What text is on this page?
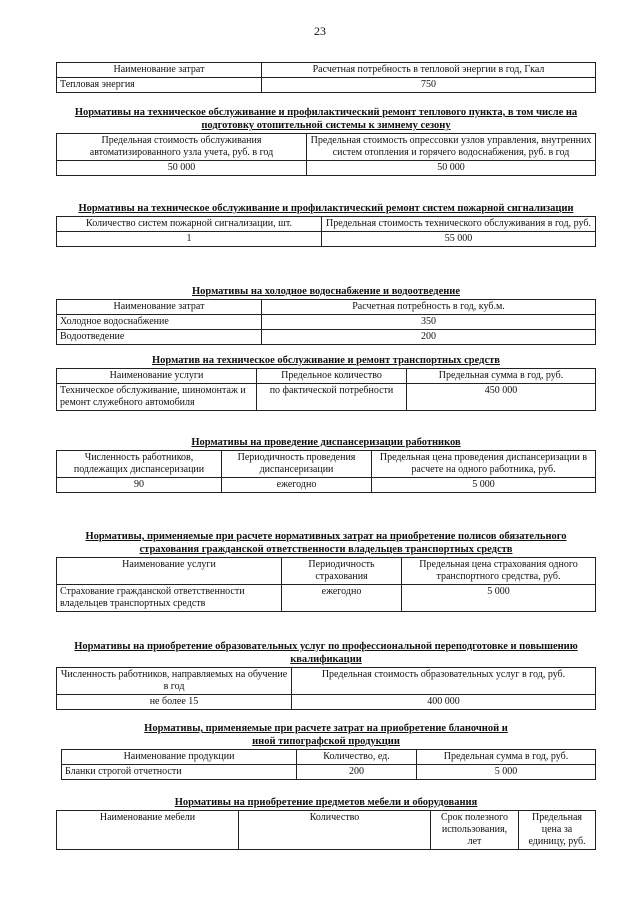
23
Наименование затрат	Расчетная потребность в тепловой энергии в год, Гкал
Тепловая энергия	750

Нормативы на техническое обслуживание и профилактический ремонт теплового пункта, в том числе на подготовку отопительной системы к зимнему сезону

Предельная стоимость обслуживания автоматизированного узла учета, руб. в год	Предельная стоимость опрессовки узлов управления, внутренних систем отопления и горячего водоснабжения, руб. в год
50 000	50 000

Нормативы на техническое обслуживание и профилактический ремонт систем пожарной сигнализации

Количество систем пожарной сигнализации, шт.	Предельная стоимость технического обслуживания в год, руб.
1	55 000

Нормативы на холодное водоснабжение и водоотведение

Наименование затрат	Расчетная потребность в год, куб.м.
Холодное водоснабжение	350
Водоотведение	200

Норматив на техническое обслуживание и ремонт транспортных средств

Наименование услуги	Предельное количество	Предельная сумма в год, руб.
Техническое обслуживание, шиномонтаж и ремонт служебного автомобиля	по фактической потребности	450 000

Нормативы на проведение диспансеризации работников

Численность работников, подлежащих диспансеризации	Периодичность проведения диспансеризации	Предельная цена проведения диспансеризации в расчете на одного работника, руб.
90	ежегодно	5 000

Нормативы, применяемые при расчете нормативных затрат на приобретение полисов обязательного страхования гражданской ответственности владельцев транспортных средств

Наименование услуги	Периодичность страхования	Предельная цена страхования одного транспортного средства, руб.
Страхование гражданской ответственности владельцев транспортных средств	ежегодно	5 000

Нормативы на приобретение образовательных услуг по профессиональной переподготовке и повышению квалификации

Численность работников, направляемых на обучение в год	Предельная стоимость образовательных услуг в год, руб.
не более 15	400 000

Нормативы, применяемые при расчете затрат на приобретение бланочной и иной типографской продукции

Наименование продукции	Количество, ед.	Предельная сумма в год, руб.
Бланки строгой отчетности	200	5 000

Нормативы на приобретение предметов мебели и оборудования

Наименование мебели	Количество	Срок полезного использования, лет	Предельная цена за единицу, руб.
